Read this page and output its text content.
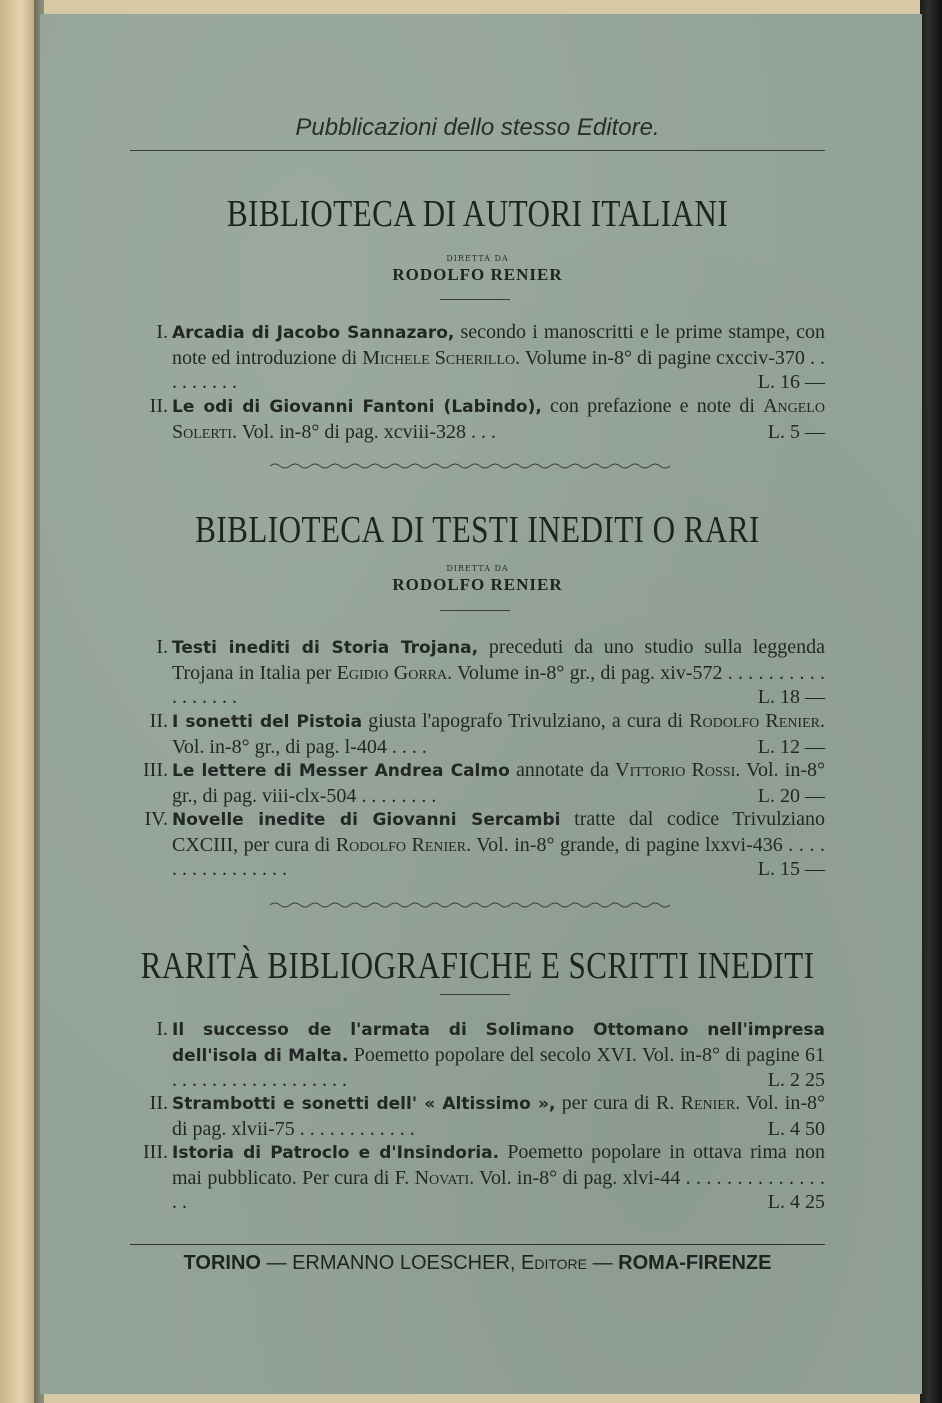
Pubblicazioni dello stesso Editore.
BIBLIOTECA DI AUTORI ITALIANI
DIRETTA DA
RODOLFO RENIER
I. Arcadia di Jacobo Sannazaro, secondo i manoscritti e le prime stampe, con note ed introduzione di Michele Scherillo. Volume in-8° di pagine cxcciv-370 . . . . . . . . .	L. 16 —
II. Le odi di Giovanni Fantoni (Labindo), con prefazione e note di Angelo Solerti. Vol. in-8° di pag. xcviii-328 . . .	L. 5 —
BIBLIOTECA DI TESTI INEDITI O RARI
DIRETTA DA
RODOLFO RENIER
I. Testi inediti di Storia Trojana, preceduti da uno studio sulla leggenda Trojana in Italia per Egidio Gorra. Volume in-8° gr., di pag. xiv-572 . . . . . . . . . . . . . . . . .	L. 18 —
II. I sonetti del Pistoia giusta l'apografo Trivulziano, a cura di Rodolfo Renier. Vol. in-8° gr., di pag. l-404 . . . .	L. 12 —
III. Le lettere di Messer Andrea Calmo annotate da Vittorio Rossi. Vol. in-8° gr., di pag. viii-clx-504 . . . . . . . .	L. 20 —
IV. Novelle inedite di Giovanni Sercambi tratte dal codice Trivulziano CXCIII, per cura di Rodolfo Renier. Vol. in-8° grande, di pagine lxxvi-436 . . . . . . . . . . . . . . . .	L. 15 —
RARITÀ BIBLIOGRAFICHE E SCRITTI INEDITI
I. Il successo de l'armata di Solimano Ottomano nell'impresa dell'isola di Malta. Poemetto popolare del secolo XVI. Vol. in-8° di pagine 61 . . . . . . . . . . . . . . . . . .	L. 2 25
II. Strambotti e sonetti dell' « Altissimo », per cura di R. Renier. Vol. in-8° di pag. xlvii-75 . . . . . . . . . . . .	L. 4 50
III. Istoria di Patroclo e d'Insindoria. Poemetto popolare in ottava rima non mai pubblicato. Per cura di F. Novati. Vol. in-8° di pag. xlvi-44 . . . . . . . . . . . . . . . .	L. 4 25
TORINO — ERMANNO LOESCHER, Editore — ROMA-FIRENZE
